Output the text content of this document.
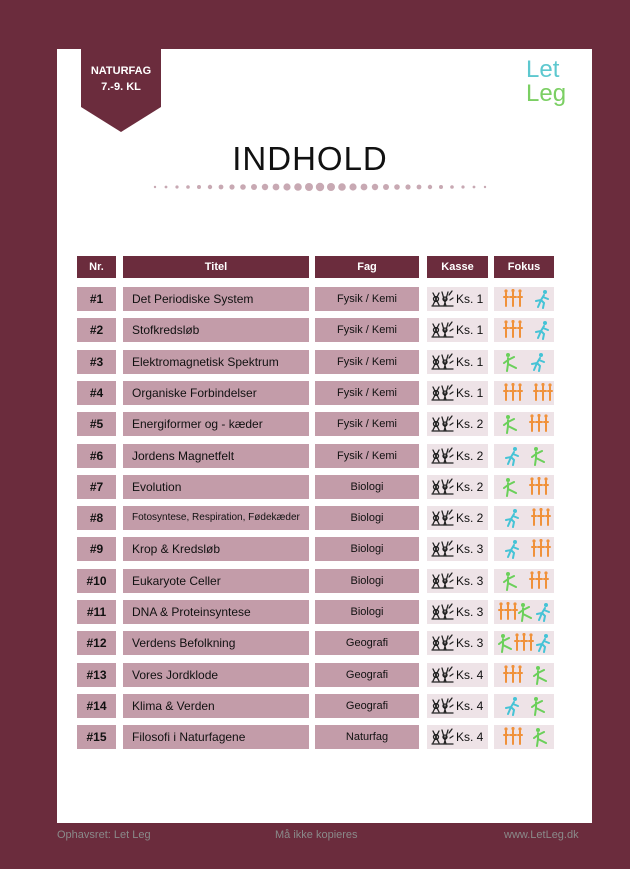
NATURFAG
7.-9. KL
Let
Leg
INDHOLD
Nr.	Titel	Fag	Kasse	Fokus
#1	Det Periodiske System	Fysik / Kemi	Ks. 1
#2	Stofkredsløb	Fysik / Kemi	Ks. 1
#3	Elektromagnetisk Spektrum	Fysik / Kemi	Ks. 1
#4	Organiske Forbindelser	Fysik / Kemi	Ks. 1
#5	Energiformer og - kæder	Fysik / Kemi	Ks. 2
#6	Jordens Magnetfelt	Fysik / Kemi	Ks. 2
#7	Evolution	Biologi	Ks. 2
#8	Fotosyntese, Respiration, Fødekæder	Biologi	Ks. 2
#9	Krop & Kredsløb	Biologi	Ks. 3
#10	Eukaryote Celler	Biologi	Ks. 3
#11	DNA & Proteinsyntese	Biologi	Ks. 3
#12	Verdens Befolkning	Geografi	Ks. 3
#13	Vores Jordklode	Geografi	Ks. 4
#14	Klima & Verden	Geografi	Ks. 4
#15	Filosofi i Naturfagene	Naturfag	Ks. 4
Ophavsret: Let Leg	Må ikke kopieres	www.LetLeg.dk
